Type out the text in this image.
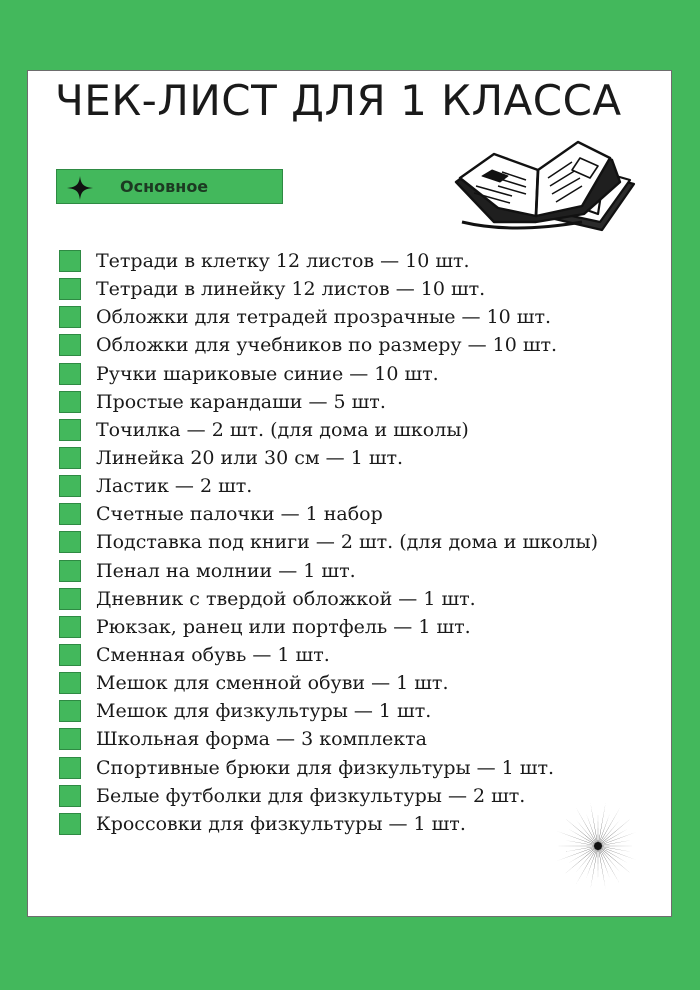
ЧЕК-ЛИСТ ДЛЯ 1 КЛАССА
Основное
Тетради в клетку 12 листов — 10 шт.
Тетради в линейку 12 листов — 10 шт.
Обложки для тетрадей прозрачные — 10 шт.
Обложки для учебников по размеру — 10 шт.
Ручки шариковые синие — 10 шт.
Простые карандаши — 5 шт.
Точилка — 2 шт. (для дома и школы)
Линейка 20 или 30 см — 1 шт.
Ластик — 2 шт.
Счетные палочки — 1 набор
Подставка под книги — 2 шт. (для дома и школы)
Пенал на молнии — 1 шт.
Дневник с твердой обложкой — 1 шт.
Рюкзак, ранец или портфель — 1 шт.
Сменная обувь — 1 шт.
Мешок для сменной обуви — 1 шт.
Мешок для физкультуры — 1 шт.
Школьная форма — 3 комплекта
Спортивные брюки для физкультуры — 1 шт.
Белые футболки для физкультуры — 2 шт.
Кроссовки для физкультуры — 1 шт.
